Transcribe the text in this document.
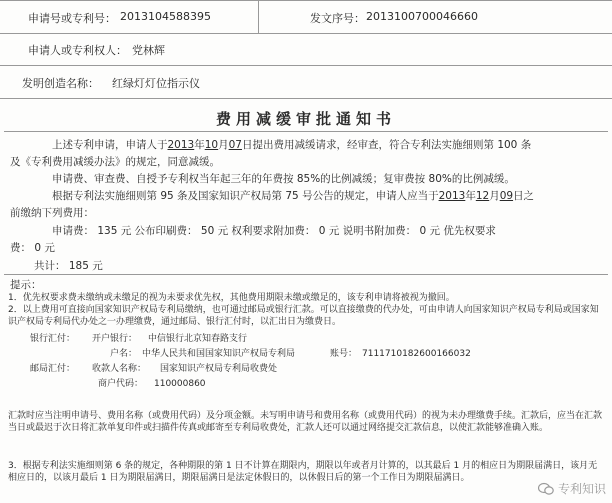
申请号或专利号： 2013104588395	发文序号： 2013100700046660
申请人或专利权人： 党林辉
发明创造名称： 红绿灯灯位指示仪
费用减缓审批通知书

上述专利申请，申请人于2013年10月07日提出费用减缓请求，经审查，符合专利法实施细则第 100 条

及《专利费用减缓办法》的规定，同意减缓。

申请费、审查费、自授予专利权当年起三年的年费按 85%的比例减缓；复审费按 80%的比例减缓。

根据专利法实施细则第 95 条及国家知识产权局第 75 号公告的规定，申请人应当于2013年12月09日之

前缴纳下列费用：

申请费： 135 元 公布印刷费： 50 元 权利要求附加费： 0 元 说明书附加费： 0 元 优先权要求
费： 0 元
共计： 185 元
提示：

1．优先权要求费未缴纳或未缴足的视为未要求优先权，其他费用期限未缴或缴足的，该专利申请将被视为撤回。

2．以上费用可直接向国家知识产权局专利局缴纳，也可通过邮局或银行汇款。可以直接缴费的代办处，可由申请人向国家知识产权局专利局或国家知识产权局专利局代办处之一办理缴费，通过邮局、银行汇付时，以汇出日为缴费日。

银行汇付： 开户银行： 中信银行北京知春路支行
户名： 中华人民共和国国家知识产权局专利局	账号： 7111710182600166032
邮局汇付： 收款人名称： 国家知识产权局专利局收费处
商户代码： 110000860

汇款时应当注明申请号、费用名称（或费用代码）及分项金额。未写明申请号和费用名称（或费用代码）的视为未办理缴费手续。汇款后，应当在汇款当日或最迟于次日将汇款单复印件或扫描件传真或邮寄至专利局收费处，汇款人还可以通过网络提交汇款信息，以使汇款能够准确入账。

3．根据专利法实施细则第 6 条的规定，各种期限的第 1 日不计算在期限内，期限以年或者月计算的，以其最后 1 月的相应日为期限届满日，该月无相应日的，以该月最后 1 日为期限届满日，期限届满日是法定休假日的，以休假日后的第一个工作日为期限届满日。

专利知识
